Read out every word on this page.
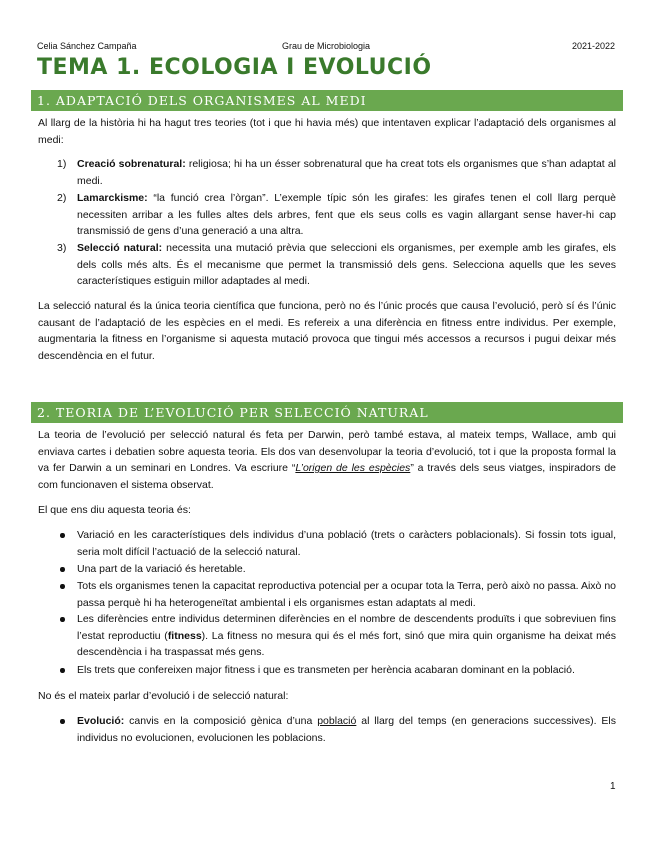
Celia Sánchez Campaña	Grau de Microbiologia	2021-2022
TEMA 1. ECOLOGIA I EVOLUCIÓ
1. ADAPTACIÓ DELS ORGANISMES AL MEDI

Al llarg de la història hi ha hagut tres teories (tot i que hi havia més) que intentaven explicar l’adaptació dels organismes al medi:

1) Creació sobrenatural: religiosa; hi ha un ésser sobrenatural que ha creat tots els organismes que s’han adaptat al medi.

2) Lamarckisme: “la funció crea l’òrgan”. L’exemple típic són les girafes: les girafes tenen el coll llarg perquè necessiten arribar a les fulles altes dels arbres, fent que els seus colls es vagin allargant sense haver-hi cap transmissió de gens d’una generació a una altra.

3) Selecció natural: necessita una mutació prèvia que seleccioni els organismes, per exemple amb les girafes, els dels colls més alts. És el mecanisme que permet la transmissió dels gens. Selecciona aquells que les seves característiques estiguin millor adaptades al medi.

La selecció natural és la única teoria científica que funciona, però no és l’únic procés que causa l’evolució, però sí és l’únic causant de l’adaptació de les espècies en el medi. Es refereix a una diferència en fitness entre individus. Per exemple, augmentaria la fitness en l’organisme si aquesta mutació provoca que tingui més accessos a recursos i pugui deixar més descendència en el futur.

2. TEORIA DE L’EVOLUCIÓ PER SELECCIÓ NATURAL

La teoria de l’evolució per selecció natural és feta per Darwin, però també estava, al mateix temps, Wallace, amb qui enviava cartes i debatien sobre aquesta teoria. Els dos van desenvolupar la teoria d’evolució, tot i que la proposta formal la va fer Darwin a un seminari en Londres. Va escriure “L’origen de les espècies” a través dels seus viatges, inspiradors de com funcionaven el sistema observat.

El que ens diu aquesta teoria és:

Variació en les característiques dels individus d’una població (trets o caràcters poblacionals). Si fossin tots igual, seria molt difícil l’actuació de la selecció natural.

Una part de la variació és heretable.

Tots els organismes tenen la capacitat reproductiva potencial per a ocupar tota la Terra, però això no passa. Això no passa perquè hi ha heterogeneïtat ambiental i els organismes estan adaptats al medi.

Les diferències entre individus determinen diferències en el nombre de descendents produïts i que sobreviuen fins l’estat reproductiu (fitness). La fitness no mesura qui és el més fort, sinó que mira quin organisme ha deixat més descendència i ha traspassat més gens.

Els trets que confereixen major fitness i que es transmeten per herència acabaran dominant en la població.

No és el mateix parlar d’evolució i de selecció natural:

Evolució: canvis en la composició gènica d’una població al llarg del temps (en generacions successives). Els individus no evolucionen, evolucionen les poblacions.

1
